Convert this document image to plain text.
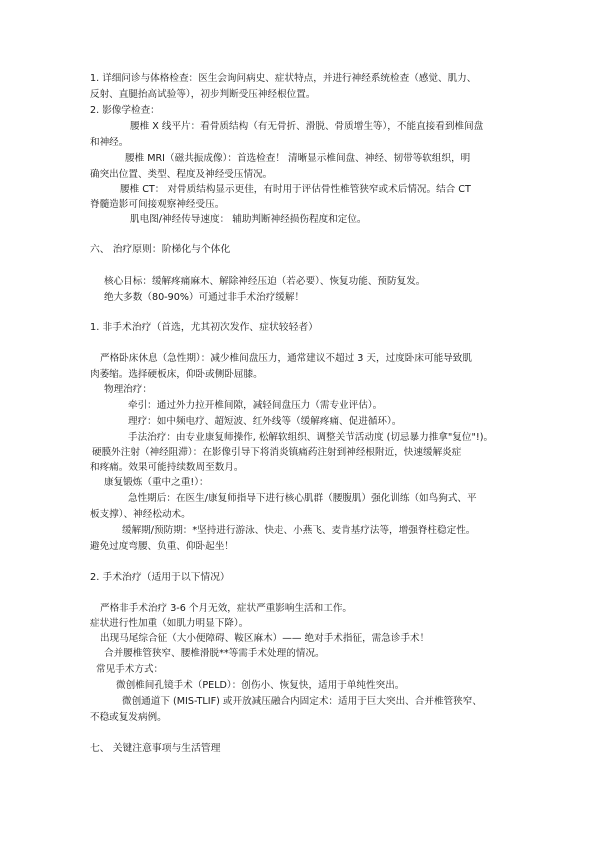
1. 详细问诊与体格检查：医生会询问病史、症状特点，并进行神经系统检查（感觉、肌力、
反射、直腿抬高试验等），初步判断受压神经根位置。
2. 影像学检查：
腰椎 X 线平片：看骨质结构（有无骨折、滑脱、骨质增生等），不能直接看到椎间盘
和神经。
腰椎 MRI（磁共振成像）：首选检查！ 清晰显示椎间盘、神经、韧带等软组织，明
确突出位置、类型、程度及神经受压情况。
腰椎 CT： 对骨质结构显示更佳，有时用于评估骨性椎管狭窄或术后情况。结合 CT
脊髓造影可间接观察神经受压。
肌电图/神经传导速度： 辅助判断神经损伤程度和定位。
六、 治疗原则：阶梯化与个体化
核心目标：缓解疼痛麻木、解除神经压迫（若必要）、恢复功能、预防复发。
绝大多数（80-90%）可通过非手术治疗缓解！
1. 非手术治疗（首选，尤其初次发作、症状较轻者）
严格卧床休息（急性期）：减少椎间盘压力，通常建议不超过 3 天，过度卧床可能导致肌
肉萎缩。选择硬板床，仰卧或侧卧屈膝。
物理治疗：
牵引：通过外力拉开椎间隙，减轻间盘压力（需专业评估）。
理疗：如中频电疗、超短波、红外线等（缓解疼痛、促进循环）。
手法治疗：由专业康复师操作, 松解软组织、调整关节活动度 (切忌暴力推拿"复位"!)。
硬膜外注射（神经阻滞）：在影像引导下将消炎镇痛药注射到神经根附近，快速缓解炎症
和疼痛。效果可能持续数周至数月。
康复锻炼（重中之重!）：
急性期后：在医生/康复师指导下进行核心肌群（腰腹肌）强化训练（如鸟狗式、平
板支撑）、神经松动术。
缓解期/预防期：*坚持进行游泳、快走、小燕飞、麦肯基疗法等，增强脊柱稳定性。
避免过度弯腰、负重、仰卧起坐！
2. 手术治疗（适用于以下情况）
严格非手术治疗 3-6 个月无效，症状严重影响生活和工作。
症状进行性加重（如肌力明显下降）。
出现马尾综合征（大小便障碍、鞍区麻木）—— 绝对手术指征，需急诊手术！
合并腰椎管狭窄、腰椎滑脱**等需手术处理的情况。
常见手术方式：
微创椎间孔镜手术（PELD）：创伤小、恢复快，适用于单纯性突出。
微创通道下 (MIS-TLIF) 或开放减压融合内固定术：适用于巨大突出、合并椎管狭窄、
不稳或复发病例。
七、 关键注意事项与生活管理
